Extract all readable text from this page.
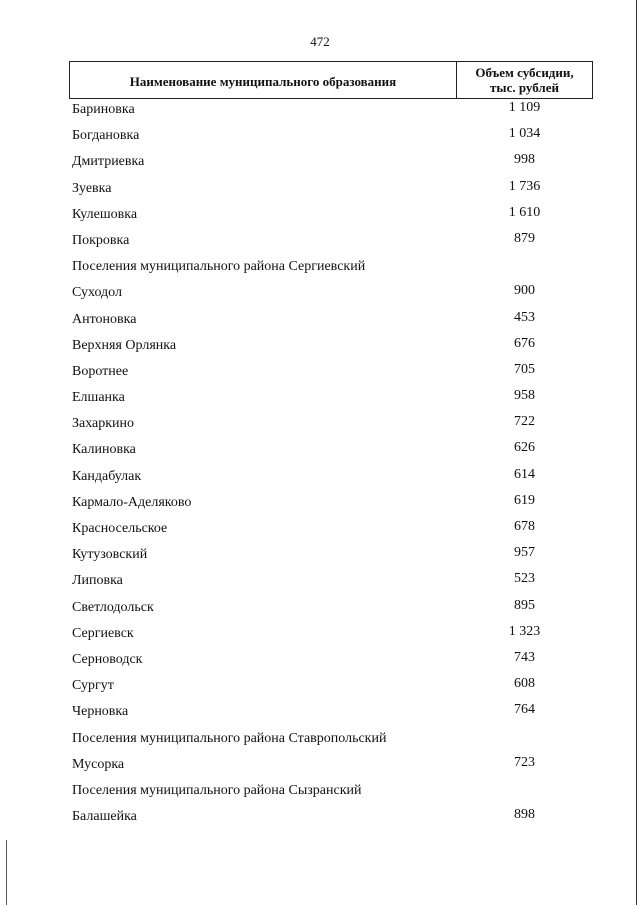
472
Наименование муниципального образования
Объем субсидии,
тыс. рублей
Бариновка	1 109
Богдановка	1 034
Дмитриевка	998
Зуевка	1 736
Кулешовка	1 610
Покровка	879
Поселения муниципального района Сергиевский
Суходол	900
Антоновка	453
Верхняя Орлянка	676
Воротнее	705
Елшанка	958
Захаркино	722
Калиновка	626
Кандабулак	614
Кармало-Аделяково	619
Красносельское	678
Кутузовский	957
Липовка	523
Светлодольск	895
Сергиевск	1 323
Серноводск	743
Сургут	608
Черновка	764
Поселения муниципального района Ставропольский
Мусорка	723
Поселения муниципального района Сызранский
Балашейка	898
